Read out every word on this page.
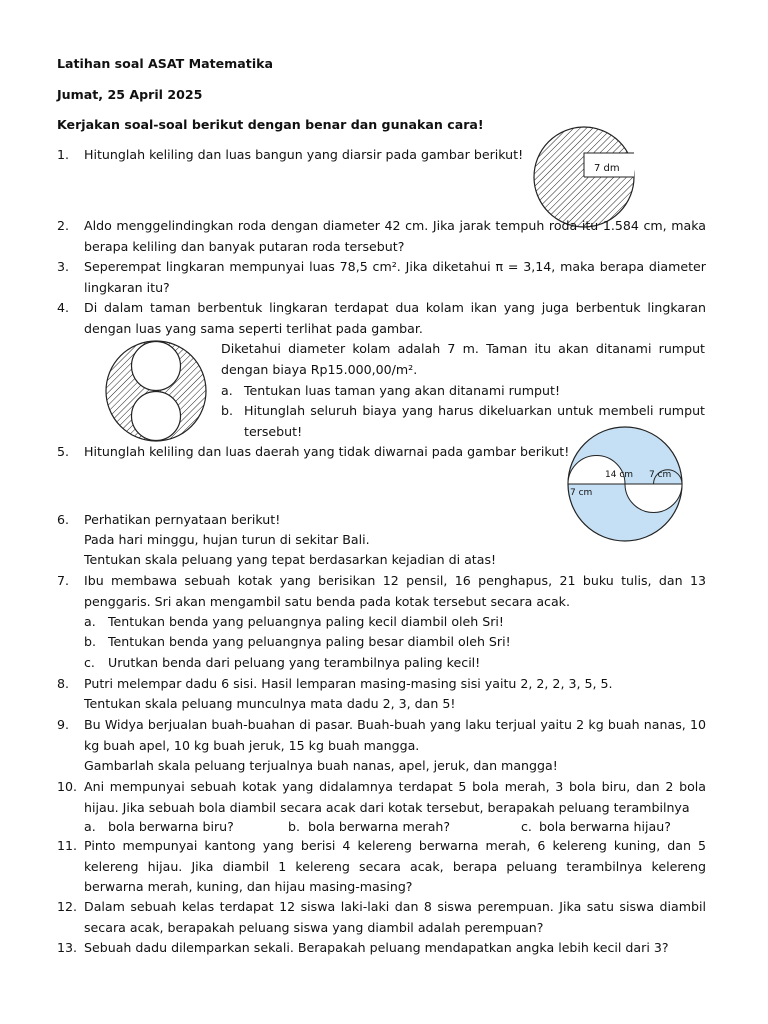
Latihan soal ASAT Matematika
Jumat, 25 April 2025
Kerjakan soal-soal berikut dengan benar dan gunakan cara!
1.	Hitunglah keliling dan luas bangun yang diarsir pada gambar berikut!
7 dm
2.	Aldo menggelindingkan roda dengan diameter 42 cm. Jika jarak tempuh roda itu 1.584 cm, maka berapa keliling dan banyak putaran roda tersebut?
3.	Seperempat lingkaran mempunyai luas 78,5 cm². Jika diketahui π = 3,14, maka berapa diameter lingkaran itu?
4.	Di dalam taman berbentuk lingkaran terdapat dua kolam ikan yang juga berbentuk lingkaran dengan luas yang sama seperti terlihat pada gambar.
Diketahui diameter kolam adalah 7 m. Taman itu akan ditanami rumput dengan biaya Rp15.000,00/m².
a. Tentukan luas taman yang akan ditanami rumput!
b. Hitunglah seluruh biaya yang harus dikeluarkan untuk membeli rumput tersebut!
5.	Hitunglah keliling dan luas daerah yang tidak diwarnai pada gambar berikut!
14 cm 7 cm
7 cm
6.	Perhatikan pernyataan berikut!
Pada hari minggu, hujan turun di sekitar Bali.
Tentukan skala peluang yang tepat berdasarkan kejadian di atas!
7.	Ibu membawa sebuah kotak yang berisikan 12 pensil, 16 penghapus, 21 buku tulis, dan 13 penggaris. Sri akan mengambil satu benda pada kotak tersebut secara acak.
a. Tentukan benda yang peluangnya paling kecil diambil oleh Sri!
b. Tentukan benda yang peluangnya paling besar diambil oleh Sri!
c. Urutkan benda dari peluang yang terambilnya paling kecil!
8.	Putri melempar dadu 6 sisi. Hasil lemparan masing-masing sisi yaitu 2, 2, 2, 3, 5, 5.
Tentukan skala peluang munculnya mata dadu 2, 3, dan 5!
9.	Bu Widya berjualan buah-buahan di pasar. Buah-buah yang laku terjual yaitu 2 kg buah nanas, 10 kg buah apel, 10 kg buah jeruk, 15 kg buah mangga.
Gambarlah skala peluang terjualnya buah nanas, apel, jeruk, dan mangga!
10. Ani mempunyai sebuah kotak yang didalamnya terdapat 5 bola merah, 3 bola biru, dan 2 bola hijau. Jika sebuah bola diambil secara acak dari kotak tersebut, berapakah peluang terambilnya
a. bola berwarna biru?	b. bola berwarna merah?	c. bola berwarna hijau?
11. Pinto mempunyai kantong yang berisi 4 kelereng berwarna merah, 6 kelereng kuning, dan 5 kelereng hijau. Jika diambil 1 kelereng secara acak, berapa peluang terambilnya kelereng berwarna merah, kuning, dan hijau masing-masing?
12. Dalam sebuah kelas terdapat 12 siswa laki-laki dan 8 siswa perempuan. Jika satu siswa diambil secara acak, berapakah peluang siswa yang diambil adalah perempuan?
13. Sebuah dadu dilemparkan sekali. Berapakah peluang mendapatkan angka lebih kecil dari 3?
